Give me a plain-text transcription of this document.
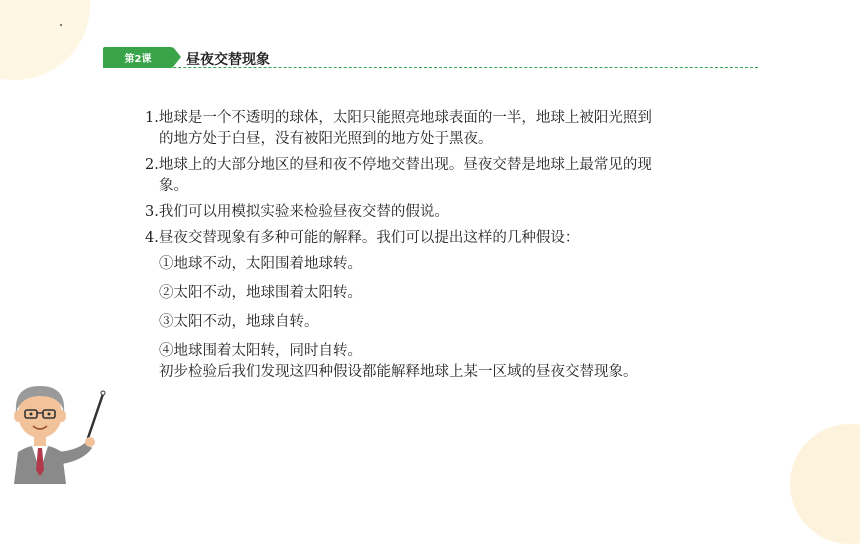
第2课	昼夜交替现象

1.地球是一个不透明的球体，太阳只能照亮地球表面的一半，地球上被阳光照到的地方处于白昼，没有被阳光照到的地方处于黑夜。

2.地球上的大部分地区的昼和夜不停地交替出现。昼夜交替是地球上最常见的现象。

3.我们可以用模拟实验来检验昼夜交替的假说。

4.昼夜交替现象有多种可能的解释。我们可以提出这样的几种假设：

①地球不动，太阳围着地球转。

②太阳不动，地球围着太阳转。

③太阳不动，地球自转。

④地球围着太阳转，同时自转。

初步检验后我们发现这四种假设都能解释地球上某一区域的昼夜交替现象。
